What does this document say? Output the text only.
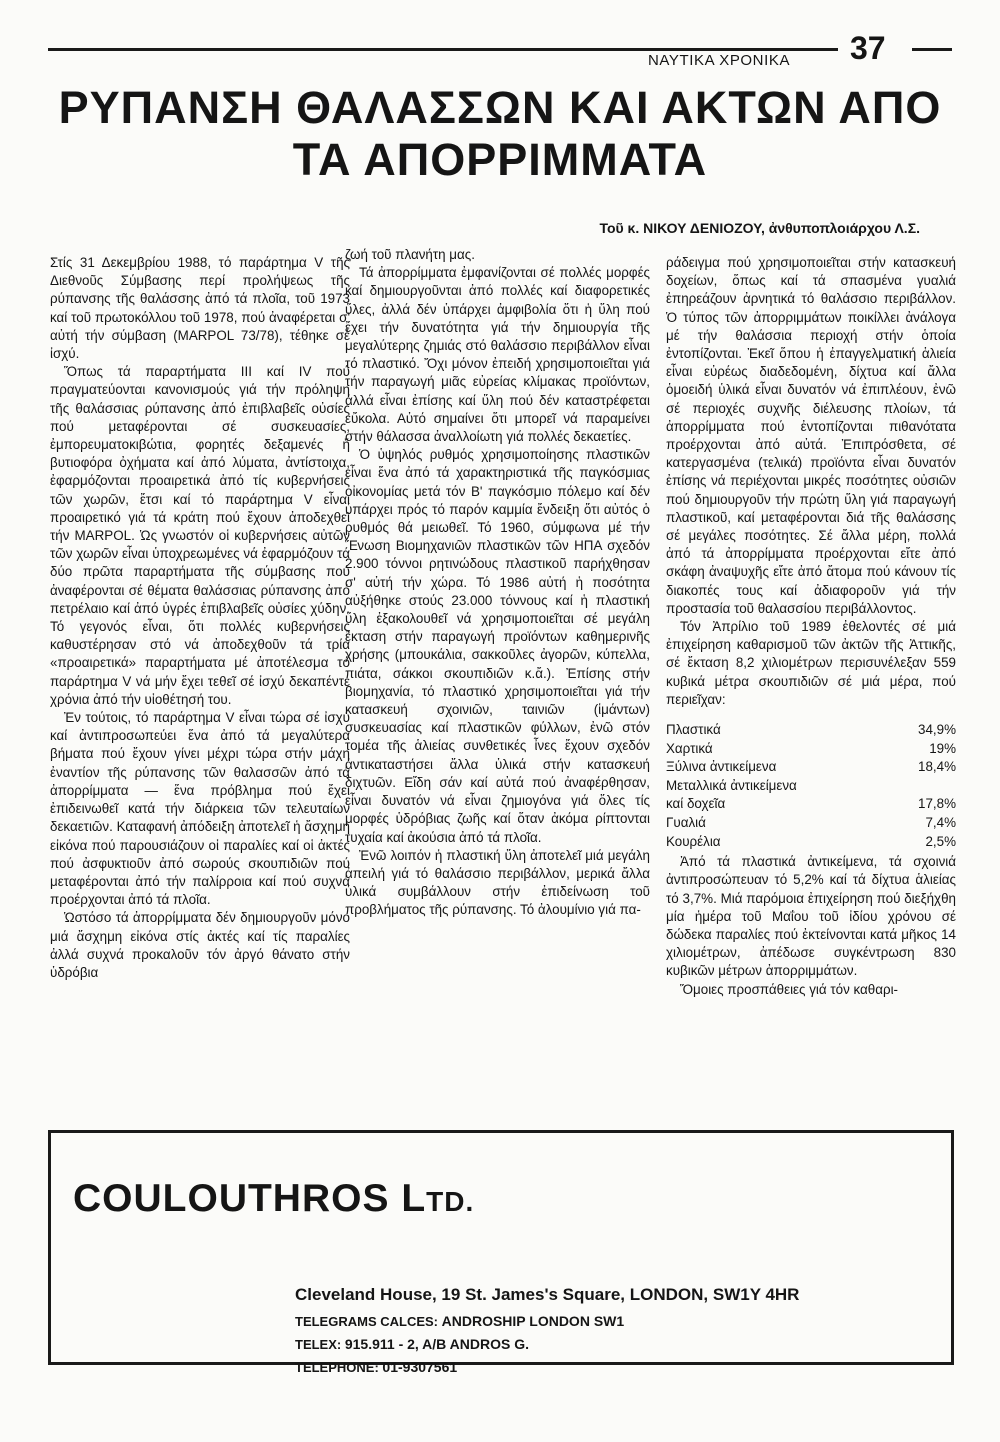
ΝΑΥΤΙΚΑ ΧΡΟΝΙΚΑ 37
ΡΥΠΑΝΣΗ ΘΑΛΑΣΣΩΝ ΚΑΙ ΑΚΤΩΝ ΑΠΟ
ΤΑ ΑΠΟΡΡΙΜΜΑΤΑ
Τοῦ κ. ΝΙΚΟΥ ΔΕΝΙΟΖΟΥ, ἀνθυποπλοιάρχου Λ.Σ.

Στίς 31 Δεκεμβρίου 1988, τό παράρτημα V τῆς Διεθνοῦς Σύμβασης περί προλήψεως τῆς ρύπανσης τῆς θαλάσσης ἀπό τά πλοῖα, τοῦ 1973 καί τοῦ πρωτοκόλλου τοῦ 1978, πού ἀναφέρεται σ' αὐτή τήν σύμβαση (MARPOL 73/78), τέθηκε σέ ἰσχύ.

Ὅπως τά παραρτήματα III καί IV πού πραγματεύονται κανονισμούς γιά τήν πρόληψη τῆς θαλάσσιας ρύπανσης ἀπό ἐπιβλαβεῖς οὐσίες πού μεταφέρονται σέ συσκευασίες, ἐμπορευματοκιβώτια, φορητές δεξαμενές ἤ βυτιοφόρα ὀχήματα καί ἀπό λύματα, ἀντίστοιχα, ἐφαρμόζονται προαιρετικά ἀπό τίς κυβερνήσεις τῶν χωρῶν, ἔτσι καί τό παράρτημα V εἶναι προαιρετικό γιά τά κράτη πού ἔχουν ἀποδεχθεῖ τήν MARPOL. Ὡς γνωστόν οἱ κυβερνήσεις αὐτῶν τῶν χωρῶν εἶναι ὑποχρεωμένες νά ἐφαρμόζουν τά δύο πρῶτα παραρτήματα τῆς σύμβασης πού ἀναφέρονται σέ θέματα θαλάσσιας ρύπανσης ἀπό πετρέλαιο καί ἀπό ὑγρές ἐπιβλαβεῖς οὐσίες χύδην. Τό γεγονός εἶναι, ὅτι πολλές κυβερνήσεις καθυστέρησαν στό νά ἀποδεχθοῦν τά τρία «προαιρετικά» παραρτήματα μέ ἀποτέλεσμα τό παράρτημα V νά μήν ἔχει τεθεῖ σέ ἰσχύ δεκαπέντε χρόνια ἀπό τήν υἱοθέτησή του.

Ἐν τούτοις, τό παράρτημα V εἶναι τώρα σέ ἰσχύ καί ἀντιπροσωπεύει ἕνα ἀπό τά μεγαλύτερα βήματα πού ἔχουν γίνει μέχρι τώρα στήν μάχη ἐναντίον τῆς ρύπανσης τῶν θαλασσῶν ἀπό τά ἀπορρίμματα — ἕνα πρόβλημα πού ἔχει ἐπιδεινωθεῖ κατά τήν διάρκεια τῶν τελευταίων δεκαετιῶν. Καταφανή ἀπόδειξη ἀποτελεῖ ἡ ἄσχημη εἰκόνα πού παρουσιάζουν οἱ παραλίες καί οἱ ἀκτές πού ἀσφυκτιοῦν ἀπό σωρούς σκουπιδιῶν πού μεταφέρονται ἀπό τήν παλίρροια καί πού συχνά προέρχονται ἀπό τά πλοῖα.

Ὡστόσο τά ἀπορρίμματα δέν δημιουργοῦν μόνο μιά ἄσχημη εἰκόνα στίς ἀκτές καί τίς παραλίες ἀλλά συχνά προκαλοῦν τόν ἀργό θάνατο στήν ὑδρόβια

ζωή τοῦ πλανήτη μας.

Τά ἀπορρίμματα ἐμφανίζονται σέ πολλές μορφές καί δημιουργοῦνται ἀπό πολλές καί διαφορετικές ὕλες, ἀλλά δέν ὑπάρχει ἀμφιβολία ὅτι ἡ ὕλη πού ἔχει τήν δυνατότητα γιά τήν δημιουργία τῆς μεγαλύτερης ζημιάς στό θαλάσσιο περιβάλλον εἶναι τό πλαστικό. Ὄχι μόνον ἐπειδή χρησιμοποιεῖται γιά τήν παραγωγή μιᾶς εὐρείας κλίμακας προϊόντων, ἀλλά εἶναι ἐπίσης καί ὕλη πού δέν καταστρέφεται εὔκολα. Αὐτό σημαίνει ὅτι μπορεῖ νά παραμείνει στήν θάλασσα ἀναλλοίωτη γιά πολλές δεκαετίες.

Ὁ ὑψηλός ρυθμός χρησιμοποίησης πλαστικῶν εἶναι ἕνα ἀπό τά χαρακτηριστικά τῆς παγκόσμιας οἰκονομίας μετά τόν Β' παγκόσμιο πόλεμο καί δέν ὑπάρχει πρός τό παρόν καμμία ἔνδειξη ὅτι αὐτός ὁ ρυθμός θά μειωθεῖ. Τό 1960, σύμφωνα μέ τήν Ἕνωση Βιομηχανιῶν πλαστικῶν τῶν ΗΠΑ σχεδόν 2.900 τόννοι ρητινώδους πλαστικοῦ παρήχθησαν σ' αὐτή τήν χώρα. Τό 1986 αὐτή ἡ ποσότητα αὐξήθηκε στούς 23.000 τόννους καί ἡ πλαστική ὕλη ἐξακολουθεῖ νά χρησιμοποιεῖται σέ μεγάλη ἔκταση στήν παραγωγή προϊόντων καθημερινῆς χρήσης (μπουκάλια, σακκοῦλες ἀγορῶν, κύπελλα, πιάτα, σάκκοι σκουπιδιῶν κ.ἄ.). Ἐπίσης στήν βιομηχανία, τό πλαστικό χρησιμοποιεῖται γιά τήν κατασκευή σχοινιῶν, ταινιῶν (ἱμάντων) συσκευασίας καί πλαστικῶν φύλλων, ἐνῶ στόν τομέα τῆς ἁλιείας συνθετικές ἶνες ἔχουν σχεδόν ἀντικαταστήσει ἄλλα ὑλικά στήν κατασκευή διχτυῶν. Εἴδη σάν καί αὐτά πού ἀναφέρθησαν, εἶναι δυνατόν νά εἶναι ζημιογόνα γιά ὅλες τίς μορφές ὑδρόβιας ζωῆς καί ὅταν ἀκόμα ρίπτονται τυχαία καί ἀκούσια ἀπό τά πλοῖα.

Ἐνῶ λοιπόν ἡ πλαστική ὕλη ἀποτελεῖ μιά μεγάλη ἀπειλή γιά τό θαλάσσιο περιβάλλον, μερικά ἄλλα ὑλικά συμβάλλουν στήν ἐπιδείνωση τοῦ προβλήματος τῆς ρύπανσης. Τό ἀλουμίνιο γιά πα-

ράδειγμα πού χρησιμοποιεῖται στήν κατασκευή δοχείων, ὅπως καί τά σπασμένα γυαλιά ἐπηρεάζουν ἀρνητικά τό θαλάσσιο περιβάλλον. Ὁ τύπος τῶν ἀπορριμμάτων ποικίλλει ἀνάλογα μέ τήν θαλάσσια περιοχή στήν ὁποία ἐντοπίζονται. Ἐκεῖ ὅπου ἡ ἐπαγγελματική ἁλιεία εἶναι εὐρέως διαδεδομένη, δίχτυα καί ἄλλα ὁμοειδή ὑλικά εἶναι δυνατόν νά ἐπιπλέουν, ἐνῶ σέ περιοχές συχνῆς διέλευσης πλοίων, τά ἀπορρίμματα πού ἐντοπίζονται πιθανότατα προέρχονται ἀπό αὐτά. Ἐπιπρόσθετα, σέ κατεργασμένα (τελικά) προϊόντα εἶναι δυνατόν ἐπίσης νά περιέχονται μικρές ποσότητες οὐσιῶν πού δημιουργοῦν τήν πρώτη ὕλη γιά παραγωγή πλαστικοῦ, καί μεταφέρονται διά τῆς θαλάσσης σέ μεγάλες ποσότητες. Σέ ἄλλα μέρη, πολλά ἀπό τά ἀπορρίμματα προέρχονται εἴτε ἀπό σκάφη ἀναψυχῆς εἴτε ἀπό ἄτομα πού κάνουν τίς διακοπές τους καί ἀδιαφοροῦν γιά τήν προστασία τοῦ θαλασσίου περιβάλλοντος.

Τόν Ἀπρίλιο τοῦ 1989 ἐθελοντές σέ μιά ἐπιχείρηση καθαρισμοῦ τῶν ἀκτῶν τῆς Ἀττικῆς, σέ ἔκταση 8,2 χιλιομέτρων περισυνέλεξαν 559 κυβικά μέτρα σκουπιδιῶν σέ μιά μέρα, πού περιεῖχαν:

Πλαστικά	34,9%
Χαρτικά	19%
Ξύλινα ἀντικείμενα	18,4%
Μεταλλικά ἀντικείμενα
καί δοχεῖα	17,8%
Γυαλιά	7,4%
Κουρέλια	2,5%

Ἀπό τά πλαστικά ἀντικείμενα, τά σχοινιά ἀντιπροσώπευαν τό 5,2% καί τά δίχτυα ἁλιείας τό 3,7%. Μιά παρόμοια ἐπιχείρηση πού διεξήχθη μία ἡμέρα τοῦ Μαΐου τοῦ ἰδίου χρόνου σέ δώδεκα παραλίες πού ἐκτείνονται κατά μῆκος 14 χιλιομέτρων, ἀπέδωσε συγκέντρωση 830 κυβικῶν μέτρων ἀπορριμμάτων.

Ὅμοιες προσπάθειες γιά τόν καθαρι-

COULOUTHROS LTD.
Cleveland House, 19 St. James's Square, LONDON, SW1Y 4HR
TELEGRAMS CALCES: ANDROSHIP LONDON SW1
TELEX: 915.911 - 2, A/B ANDROS G.
TELEPHONE: 01-9307561
